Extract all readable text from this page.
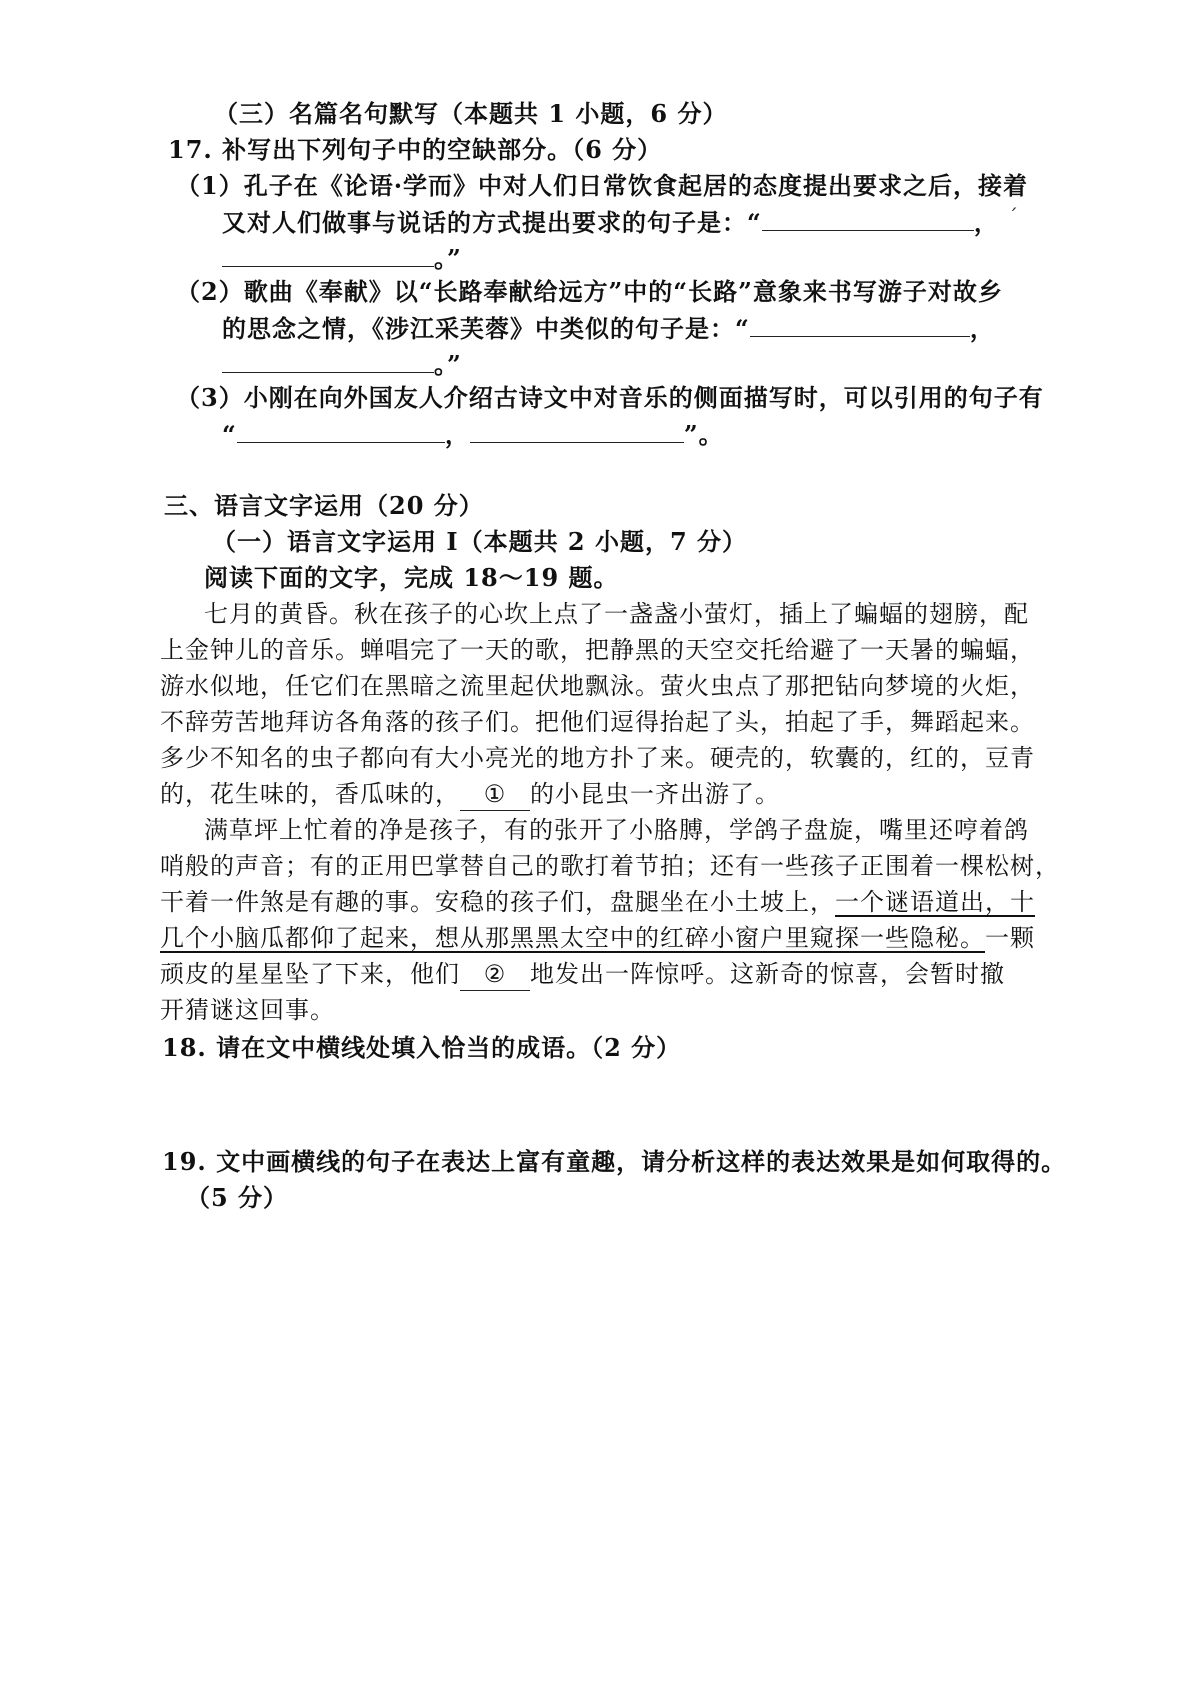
（三）名篇名句默写（本题共 1 小题，6 分）
17. 补写出下列句子中的空缺部分。（6 分）
（1）孔子在《论语·学而》中对人们日常饮食起居的态度提出要求之后，接着
又对人们做事与说话的方式提出要求的句子是：“	，
。”
（2）歌曲《奉献》以“长路奉献给远方”中的“长路”意象来书写游子对故乡
的思念之情，《涉江采芙蓉》中类似的句子是：“	，
。”
（3）小刚在向外国友人介绍古诗文中对音乐的侧面描写时，可以引用的句子有
“	，	”。
三、语言文字运用（20 分）
（一）语言文字运用 Ⅰ（本题共 2 小题，7 分）
阅读下面的文字，完成 18～19 题。
七月的黄昏。秋在孩子的心坎上点了一盏盏小萤灯，插上了蝙蝠的翅膀，配
上金钟儿的音乐。蝉唱完了一天的歌，把静黑的天空交托给避了一天暑的蝙蝠，
游水似地，任它们在黑暗之流里起伏地飘泳。萤火虫点了那把钻向梦境的火炬，
不辞劳苦地拜访各角落的孩子们。把他们逗得抬起了头，拍起了手，舞蹈起来。
多少不知名的虫子都向有大小亮光的地方扑了来。硬壳的，软囊的，红的，豆青
的，花生味的，香瓜味的， ① 的小昆虫一齐出游了。
满草坪上忙着的净是孩子，有的张开了小胳膊，学鸽子盘旋，嘴里还哼着鸽
哨般的声音；有的正用巴掌替自己的歌打着节拍；还有一些孩子正围着一棵松树，
干着一件煞是有趣的事。安稳的孩子们，盘腿坐在小土坡上，一个谜语道出，十
几个小脑瓜都仰了起来，想从那黑黑太空中的红碎小窗户里窥探一些隐秘。一颗
顽皮的星星坠了下来，他们 ② 地发出一阵惊呼。这新奇的惊喜，会暂时撤
开猜谜这回事。
18. 请在文中横线处填入恰当的成语。（2 分）
19. 文中画横线的句子在表达上富有童趣，请分析这样的表达效果是如何取得的。
（5 分）
ˊ
